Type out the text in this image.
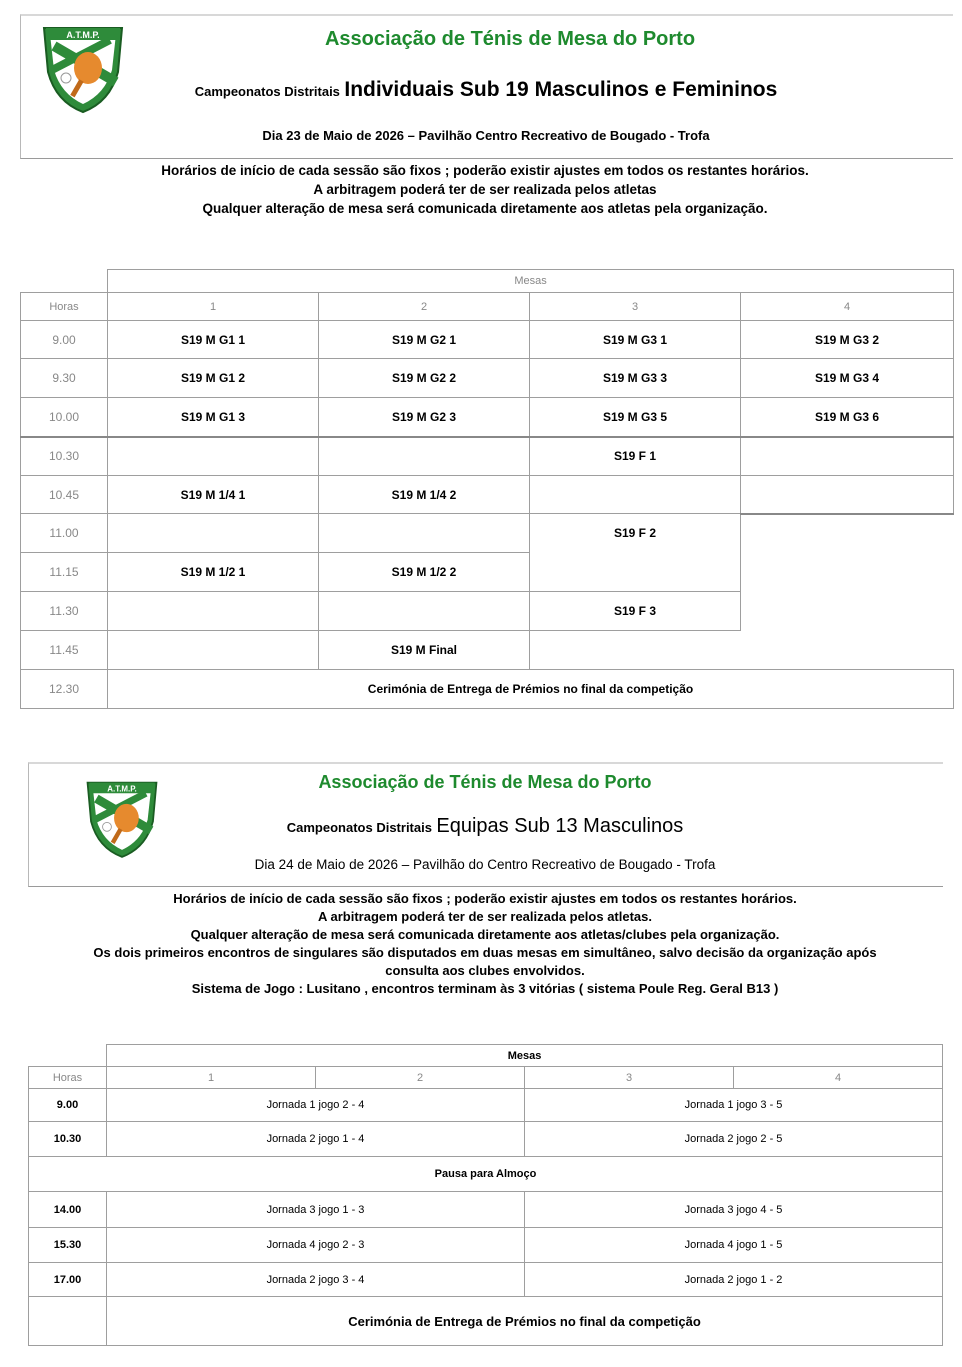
A.T.M.P.	Associação de Ténis de Mesa do Porto
Campeonatos Distritais Individuais Sub 19 Masculinos e Femininos
Dia 23 de Maio de 2026 – Pavilhão Centro Recreativo de Bougado - Trofa
Horários de início de cada sessão são fixos ; poderão existir ajustes em todos os restantes horários.
A arbitragem poderá ter de ser realizada pelos atletas
Qualquer alteração de mesa será comunicada diretamente aos atletas pela organização.
	Mesas			
Horas	1	2	3	4
9.00	S19 M G1 1	S19 M G2 1	S19 M G3 1	S19 M G3 2
9.30	S19 M G1 2	S19 M G2 2	S19 M G3 3	S19 M G3 4
10.00	S19 M G1 3	S19 M G2 3	S19 M G3 5	S19 M G3 6
10.30			S19 F 1	
10.45	S19 M 1/4 1	S19 M 1/4 2		
11.00			S19 F 2	
11.15	S19 M 1/2 1	S19 M 1/2 2		
11.30			S19 F 3	
11.45		S19 M Final		
12.30	Cerimónia de Entrega de Prémios no final da competição			
A.T.M.P.	Associação de Ténis de Mesa do Porto
Campeonatos Distritais Equipas Sub 13 Masculinos
Dia 24 de Maio de 2026 – Pavilhão do Centro Recreativo de Bougado - Trofa
Horários de início de cada sessão são fixos ; poderão existir ajustes em todos os restantes horários.
A arbitragem poderá ter de ser realizada pelos atletas.
Qualquer alteração de mesa será comunicada diretamente aos atletas/clubes pela organização.
Os dois primeiros encontros de singulares são disputados em duas mesas em simultâneo, salvo decisão da organização após
consulta aos clubes envolvidos.
Sistema de Jogo : Lusitano , encontros terminam às 3 vitórias ( sistema Poule Reg. Geral B13 )
	Mesas			
Horas	1	2	3	4
9.00	Jornada 1 jogo 2 - 4		Jornada 1 jogo 3 - 5	
10.30	Jornada 2 jogo 1 - 4		Jornada 2 jogo 2 - 5	
Pausa para Almoço				
14.00	Jornada 3 jogo 1 - 3		Jornada 3 jogo 4 - 5	
15.30	Jornada 4 jogo 2 - 3		Jornada 4 jogo 1 - 5	
17.00	Jornada 2 jogo 3 - 4		Jornada 2 jogo 1 - 2	
	Cerimónia de Entrega de Prémios no final da competição			
